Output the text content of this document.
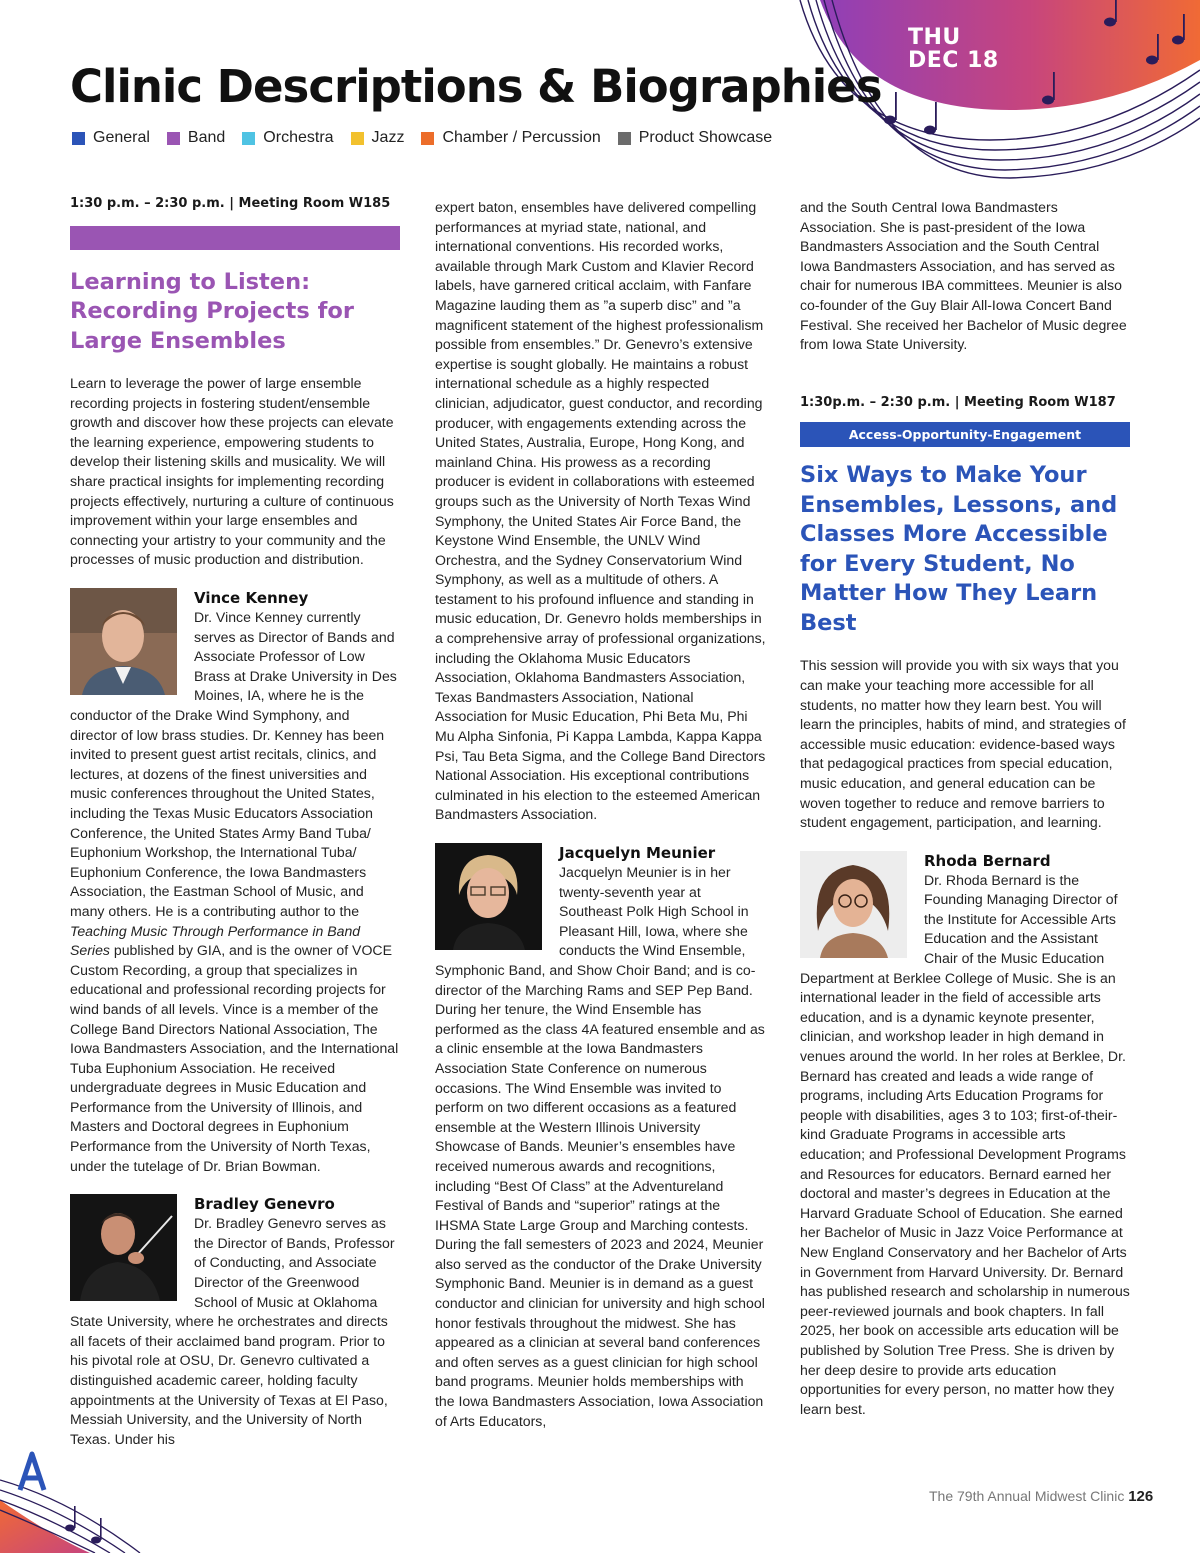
THU
DEC 18
Clinic Descriptions & Biographies
General Band Orchestra Jazz Chamber / Percussion Product Showcase
1:30 p.m. – 2:30 p.m. | Meeting Room W185
Learning to Listen: Recording Projects for Large Ensembles

Learn to leverage the power of large ensemble recording projects in fostering student/ensemble growth and discover how these projects can elevate the learning experience, empowering students to develop their listening skills and musicality. We will share practical insights for implementing recording projects effectively, nurturing a culture of continuous improvement within your large ensembles and connecting your artistry to your community and the processes of music production and distribution.

Vince Kenney
Dr. Vince Kenney currently serves as Director of Bands and Associate Professor of Low Brass at Drake University in Des Moines, IA, where he is the conductor of the Drake Wind Symphony, and director of low brass studies. Dr. Kenney has been invited to present guest artist recitals, clinics, and lectures, at dozens of the finest universities and music conferences throughout the United States, including the Texas Music Educators Association Conference, the United States Army Band Tuba/ Euphonium Workshop, the International Tuba/ Euphonium Conference, the Iowa Bandmasters Association, the Eastman School of Music, and many others. He is a contributing author to the Teaching Music Through Performance in Band Series published by GIA, and is the owner of VOCE Custom Recording, a group that specializes in educational and professional recording projects for wind bands of all levels. Vince is a member of the College Band Directors National Association, The Iowa Bandmasters Association, and the International Tuba Euphonium Association. He received undergraduate degrees in Music Education and Performance from the University of Illinois, and Masters and Doctoral degrees in Euphonium Performance from the University of North Texas, under the tutelage of Dr. Brian Bowman.
Bradley Genevro
Dr. Bradley Genevro serves as the Director of Bands, Professor of Conducting, and Associate Director of the Greenwood School of Music at Oklahoma State University, where he orchestrates and directs all facets of their acclaimed band program. Prior to his pivotal role at OSU, Dr. Genevro cultivated a distinguished academic career, holding faculty appointments at the University of Texas at El Paso, Messiah University, and the University of North Texas. Under his

expert baton, ensembles have delivered compelling performances at myriad state, national, and international conventions. His recorded works, available through Mark Custom and Klavier Record labels, have garnered critical acclaim, with Fanfare Magazine lauding them as ”a superb disc” and ”a magnificent statement of the highest professionalism possible from ensembles.” Dr. Genevro’s extensive expertise is sought globally. He maintains a robust international schedule as a highly respected clinician, adjudicator, guest conductor, and recording producer, with engagements extending across the United States, Australia, Europe, Hong Kong, and mainland China. His prowess as a recording producer is evident in collaborations with esteemed groups such as the University of North Texas Wind Symphony, the United States Air Force Band, the Keystone Wind Ensemble, the UNLV Wind Orchestra, and the Sydney Conservatorium Wind Symphony, as well as a multitude of others. A testament to his profound influence and standing in music education, Dr. Genevro holds memberships in a comprehensive array of professional organizations, including the Oklahoma Music Educators Association, Oklahoma Bandmasters Association, Texas Bandmasters Association, National Association for Music Education, Phi Beta Mu, Phi Mu Alpha Sinfonia, Pi Kappa Lambda, Kappa Kappa Psi, Tau Beta Sigma, and the College Band Directors National Association. His exceptional contributions culminated in his election to the esteemed American Bandmasters Association.

Jacquelyn Meunier
Jacquelyn Meunier is in her twenty-seventh year at Southeast Polk High School in Pleasant Hill, Iowa, where she conducts the Wind Ensemble, Symphonic Band, and Show Choir Band; and is co-director of the Marching Rams and SEP Pep Band. During her tenure, the Wind Ensemble has performed as the class 4A featured ensemble and as a clinic ensemble at the Iowa Bandmasters Association State Conference on numerous occasions. The Wind Ensemble was invited to perform on two different occasions as a featured ensemble at the Western Illinois University Showcase of Bands. Meunier’s ensembles have received numerous awards and recognitions, including “Best Of Class” at the Adventureland Festival of Bands and “superior” ratings at the IHSMA State Large Group and Marching contests. During the fall semesters of 2023 and 2024, Meunier also served as the conductor of the Drake University Symphonic Band. Meunier is in demand as a guest conductor and clinician for university and high school honor festivals throughout the midwest. She has appeared as a clinician at several band conferences and often serves as a guest clinician for high school band programs. Meunier holds memberships with the Iowa Bandmasters Association, Iowa Association of Arts Educators,

and the South Central Iowa Bandmasters Association. She is past-president of the Iowa Bandmasters Association and the South Central Iowa Bandmasters Association, and has served as chair for numerous IBA committees. Meunier is also co-founder of the Guy Blair All-Iowa Concert Band Festival. She received her Bachelor of Music degree from Iowa State University.

1:30p.m. – 2:30 p.m. | Meeting Room W187
Access-Opportunity-Engagement
Six Ways to Make Your Ensembles, Lessons, and Classes More Accessible for Every Student, No Matter How They Learn Best

This session will provide you with six ways that you can make your teaching more accessible for all students, no matter how they learn best. You will learn the principles, habits of mind, and strategies of accessible music education: evidence-based ways that pedagogical practices from special education, music education, and general education can be woven together to reduce and remove barriers to student engagement, participation, and learning.

Rhoda Bernard
Dr. Rhoda Bernard is the Founding Managing Director of the Institute for Accessible Arts Education and the Assistant Chair of the Music Education Department at Berklee College of Music. She is an international leader in the field of accessible arts education, and is a dynamic keynote presenter, clinician, and workshop leader in high demand in venues around the world. In her roles at Berklee, Dr. Bernard has created and leads a wide range of programs, including Arts Education Programs for people with disabilities, ages 3 to 103; first-of-their-kind Graduate Programs in accessible arts education; and Professional Development Programs and Resources for educators. Bernard earned her doctoral and master’s degrees in Education at the Harvard Graduate School of Education. She earned her Bachelor of Music in Jazz Voice Performance at New England Conservatory and her Bachelor of Arts in Government from Harvard University. Dr. Bernard has published research and scholarship in numerous peer-reviewed journals and book chapters. In fall 2025, her book on accessible arts education will be published by Solution Tree Press. She is driven by her deep desire to provide arts education opportunities for every person, no matter how they learn best.
The 79th Annual Midwest Clinic 126
